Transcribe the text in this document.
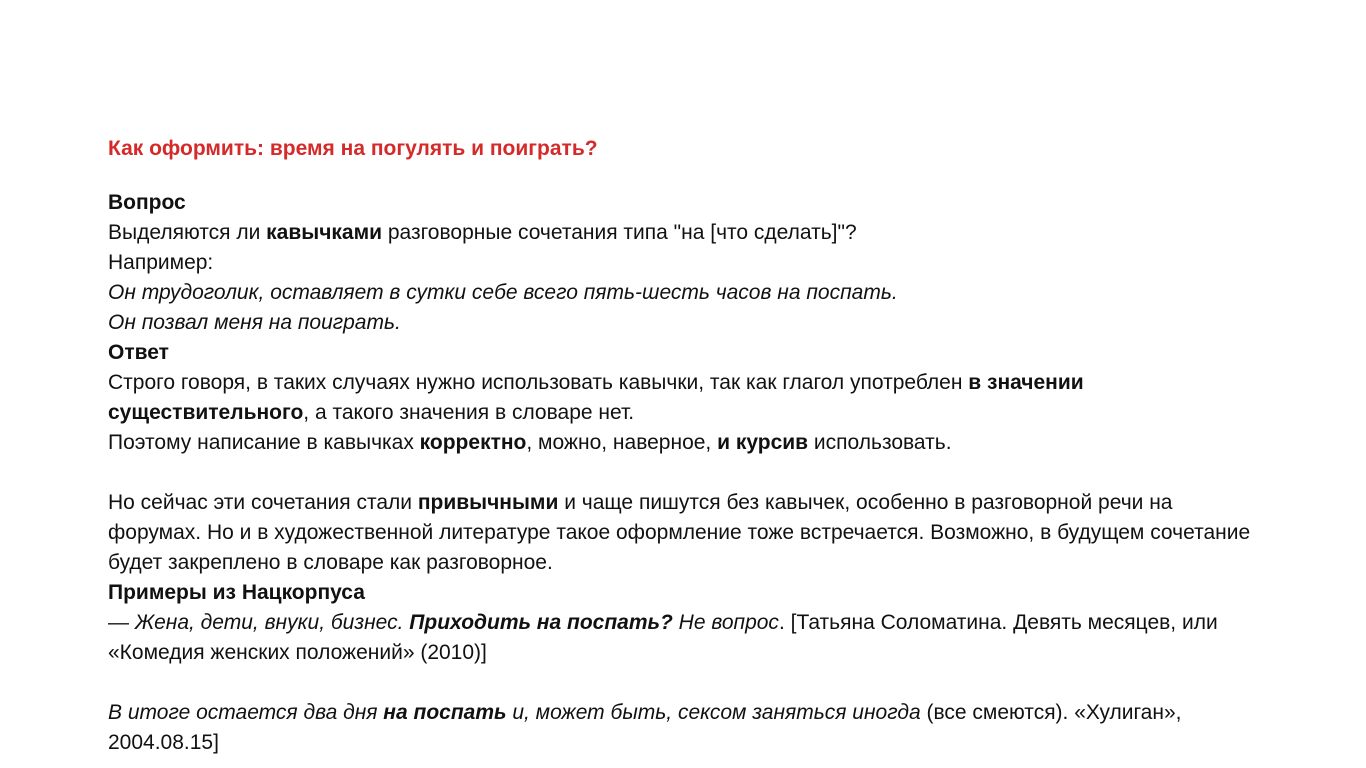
Как оформить: время на погулять и поиграть?
Вопрос
Выделяются ли кавычками разговорные сочетания типа "на [что сделать]"?
Например:
Он трудоголик, оставляет в сутки себе всего пять-шесть часов на поспать.
Он позвал меня на поиграть.
Ответ
Строго говоря, в таких случаях нужно использовать кавычки, так как глагол употреблен в значении существительного, а такого значения в словаре нет.
Поэтому написание в кавычках корректно, можно, наверное, и курсив использовать.
Но сейчас эти сочетания стали привычными и чаще пишутся без кавычек, особенно в разговорной речи на форумах. Но и в художественной литературе такое оформление тоже встречается. Возможно, в будущем сочетание будет закреплено в словаре как разговорное.
Примеры из Нацкорпуса
— Жена, дети, внуки, бизнес. Приходить на поспать? Не вопрос. [Татьяна Соломатина. Девять месяцев, или «Комедия женских положений» (2010)]
В итоге остается два дня на поспать и, может быть, сексом заняться иногда (все смеются). «Хулиган», 2004.08.15]
